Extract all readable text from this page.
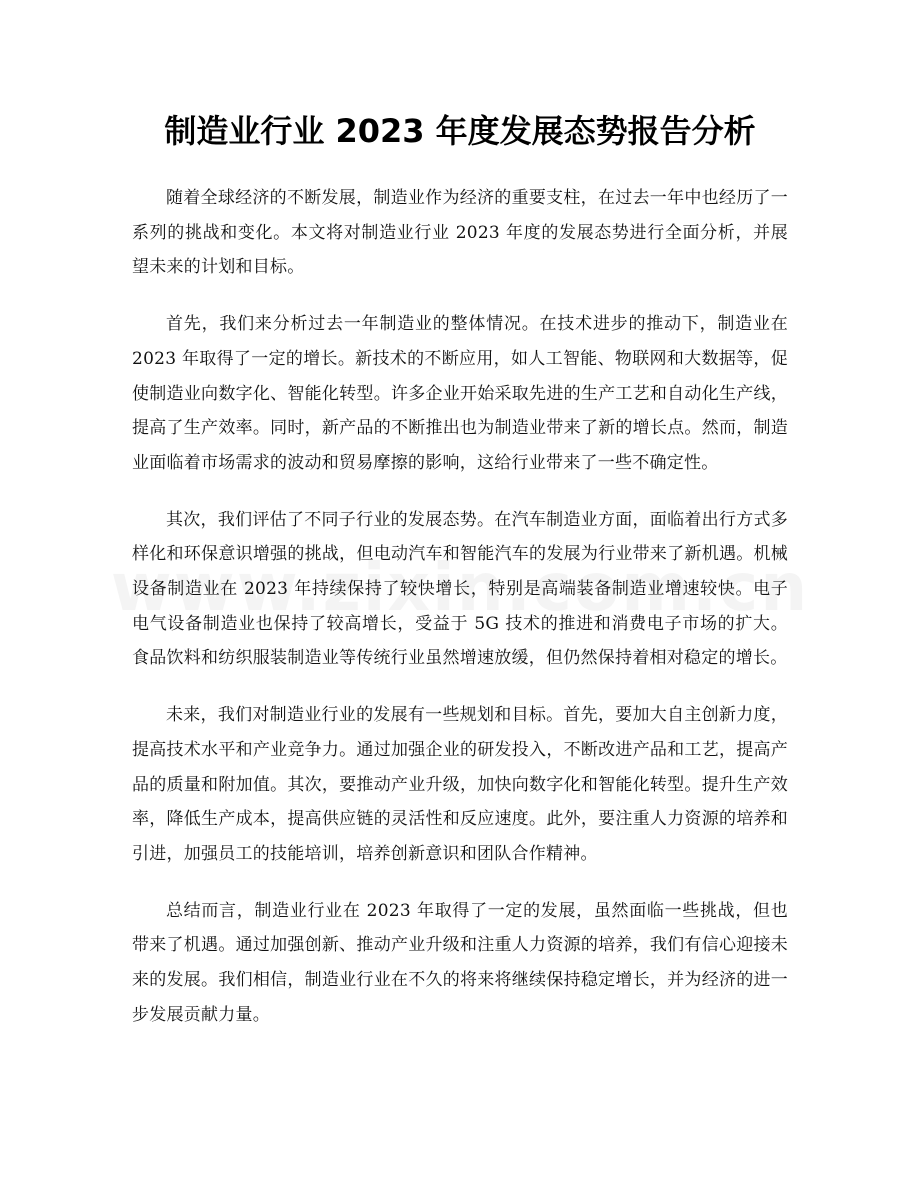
制造业行业 2023 年度发展态势报告分析

随着全球经济的不断发展，制造业作为经济的重要支柱，在过去一年中也经历了一系列的挑战和变化。本文将对制造业行业 2023 年度的发展态势进行全面分析，并展望未来的计划和目标。

首先，我们来分析过去一年制造业的整体情况。在技术进步的推动下，制造业在 2023 年取得了一定的增长。新技术的不断应用，如人工智能、物联网和大数据等，促使制造业向数字化、智能化转型。许多企业开始采取先进的生产工艺和自动化生产线，提高了生产效率。同时，新产品的不断推出也为制造业带来了新的增长点。然而，制造业面临着市场需求的波动和贸易摩擦的影响，这给行业带来了一些不确定性。

其次，我们评估了不同子行业的发展态势。在汽车制造业方面，面临着出行方式多样化和环保意识增强的挑战，但电动汽车和智能汽车的发展为行业带来了新机遇。机械设备制造业在 2023 年持续保持了较快增长，特别是高端装备制造业增速较快。电子电气设备制造业也保持了较高增长，受益于 5G 技术的推进和消费电子市场的扩大。食品饮料和纺织服装制造业等传统行业虽然增速放缓，但仍然保持着相对稳定的增长。

未来，我们对制造业行业的发展有一些规划和目标。首先，要加大自主创新力度，提高技术水平和产业竞争力。通过加强企业的研发投入，不断改进产品和工艺，提高产品的质量和附加值。其次，要推动产业升级，加快向数字化和智能化转型。提升生产效率，降低生产成本，提高供应链的灵活性和反应速度。此外，要注重人力资源的培养和引进，加强员工的技能培训，培养创新意识和团队合作精神。

总结而言，制造业行业在 2023 年取得了一定的发展，虽然面临一些挑战，但也带来了机遇。通过加强创新、推动产业升级和注重人力资源的培养，我们有信心迎接未来的发展。我们相信，制造业行业在不久的将来将继续保持稳定增长，并为经济的进一步发展贡献力量。
